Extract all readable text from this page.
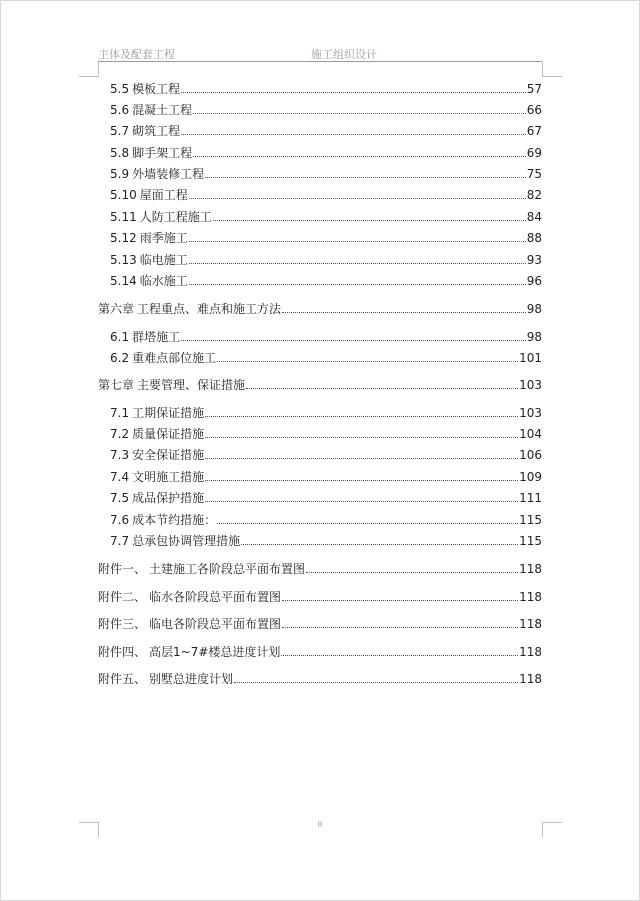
主体及配套工程	施工组织设计
5.5 模板工程	57
5.6 混凝土工程	66
5.7 砌筑工程	67
5.8 脚手架工程	69
5.9 外墙装修工程	75
5.10 屋面工程	82
5.11 人防工程施工	84
5.12 雨季施工	88
5.13 临电施工	93
5.14 临水施工	96
第六章 工程重点、难点和施工方法	98
6.1 群塔施工	98
6.2 重难点部位施工	101
第七章 主要管理、保证措施	103
7.1 工期保证措施	103
7.2 质量保证措施	104
7.3 安全保证措施	106
7.4 文明施工措施	109
7.5 成品保护措施	111
7.6 成本节约措施：	115
7.7 总承包协调管理措施	115
附件一、 土建施工各阶段总平面布置图	118
附件二、 临水各阶段总平面布置图	118
附件三、 临电各阶段总平面布置图	118
附件四、 高层1~7#楼总进度计划	118
附件五、 别墅总进度计划	118
II
